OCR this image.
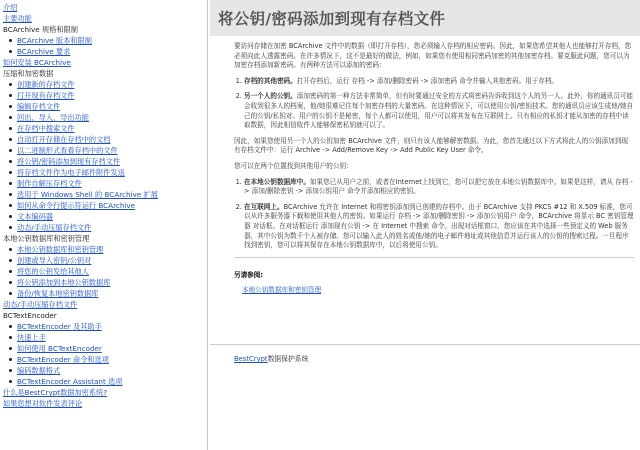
介绍
主要功能
BCArchive 规格和限制
BCArchive 版本和限制
BCArchive 要求
如何安装 BCArchive
压缩和加密数据
创建新的存档文件
打开现有存档文件
编辑存档文件
回出、导入、导出功能
在存档中搜索文件
自动打开存储在存档中的文档
以二进制形式查看存档中的文件
将公钥/密码添加到现有存档文件
将存档文件作为电子邮件附件发送
制作自解压存档文件
选用于 Windows Shell 的 BCArchive 扩展
如何从命令行提示符运行 BCArchive
文本编码器
动态/手动压缩存档文件
本地公钥数据库和密钥管理
本地公钥数据库和密钥管理
创建或导入密钥/公钥对
将您的公钥发给其他人
将公钥添加到本地公钥数据库
备份/恢复本地密钥数据库
动态/手动压缩存档文件
BCTextEncoder
BCTextEncoder 及其助手
快速上手
如何使用 BCTextEncoder
BCTextEncoder 命令和选项
编码数据格式
BCTextEncoder Assistant 选项
什么是BestCrypt数据加密系统?
如果您想对软件发表评论
将公钥/密码添加到现有存档文件

要访问存储在加密 BCArchive 文件中的数据（即打开存档），您必须输入存档的相应密码。因此，如果您希望其他人也能够打开存档，您必须向此人透露密码。在许多情况下，这不是最好的做法，例如，如果您有使用相同密码加密的其他加密存档。要克服此问题，您可以为加密存档添加新密码。有两种方法可以添加的密码：

1. 存档的其他密码。打开存档后，运行 存档 -> 添加/删除密码 -> 添加密码 命令并输入其他密码。用于存档。
2. 另一个人的公钥。添加密码的第一种方法非常简单，但有时要通过安全的方式将密码告诉收到这个人的另一人。此外，你的通讯员可能会收到很多人的档案，他/她很难记住每个加密存档的大量密码。在这种情况下，可以使用公钥/密钥技术。您的通讯员应该生成他/她自己的公钥/私钥对。用户的公钥不是秘密，每个人都可以使用，用户可以将其发布在互联网上。只有相应的私钥才能从加密的存档中读取数据，因此相信收件人能够保密私钥就可以了。

因此，如果您使用另一个人的公钥加密 BCArchive 文件，则只有该人能够解密数据。为此，您首先通过以下方式将此人的公钥添加到现有存档文件中：运行 Archive -> Add/Remove Key -> Add Public Key User 命令。

您可以在两个位置找到其他用户的公钥：

1. 在本地公钥数据库中。如果您已从用户之前，或者在Internet上找到它，您可以把它放在本地公钥数据库中。如果是这样，请从 存档 -> 添加/删除密钥 -> 添加公钥用户 命令并添加相应的密钥。
2. 在互联网上。BCArchive 允许在 Internet 和将密钥添加到已创建的存档中。由于 BCArchive 支持 PKCS #12 和 X.509 标准，您可以从许多服务器下载和使用其他人的密钥。如果运行 存档 -> 添加/删除密钥 -> 添加公钥用户 命令，BCArchive 将显示 BC 密钥管理器 对话框。在对话框运行 添加现有公钥 -> 在 Internet 中搜索 命令。出现对话框窗口，您应该在其中选择一些预定义的 Web 服务器，其中公钥为数千个人被存储。您可以输入此人的姓名或他/她的电子邮件地址或其他信息并运行该人的公钥的搜索过程。一旦程序找到密钥，您可以将其保存在本地公钥数据库中，以后将使用公钥。
另请参阅:
本地公钥数据库和密钥管理
BestCrypt数据保护系统
